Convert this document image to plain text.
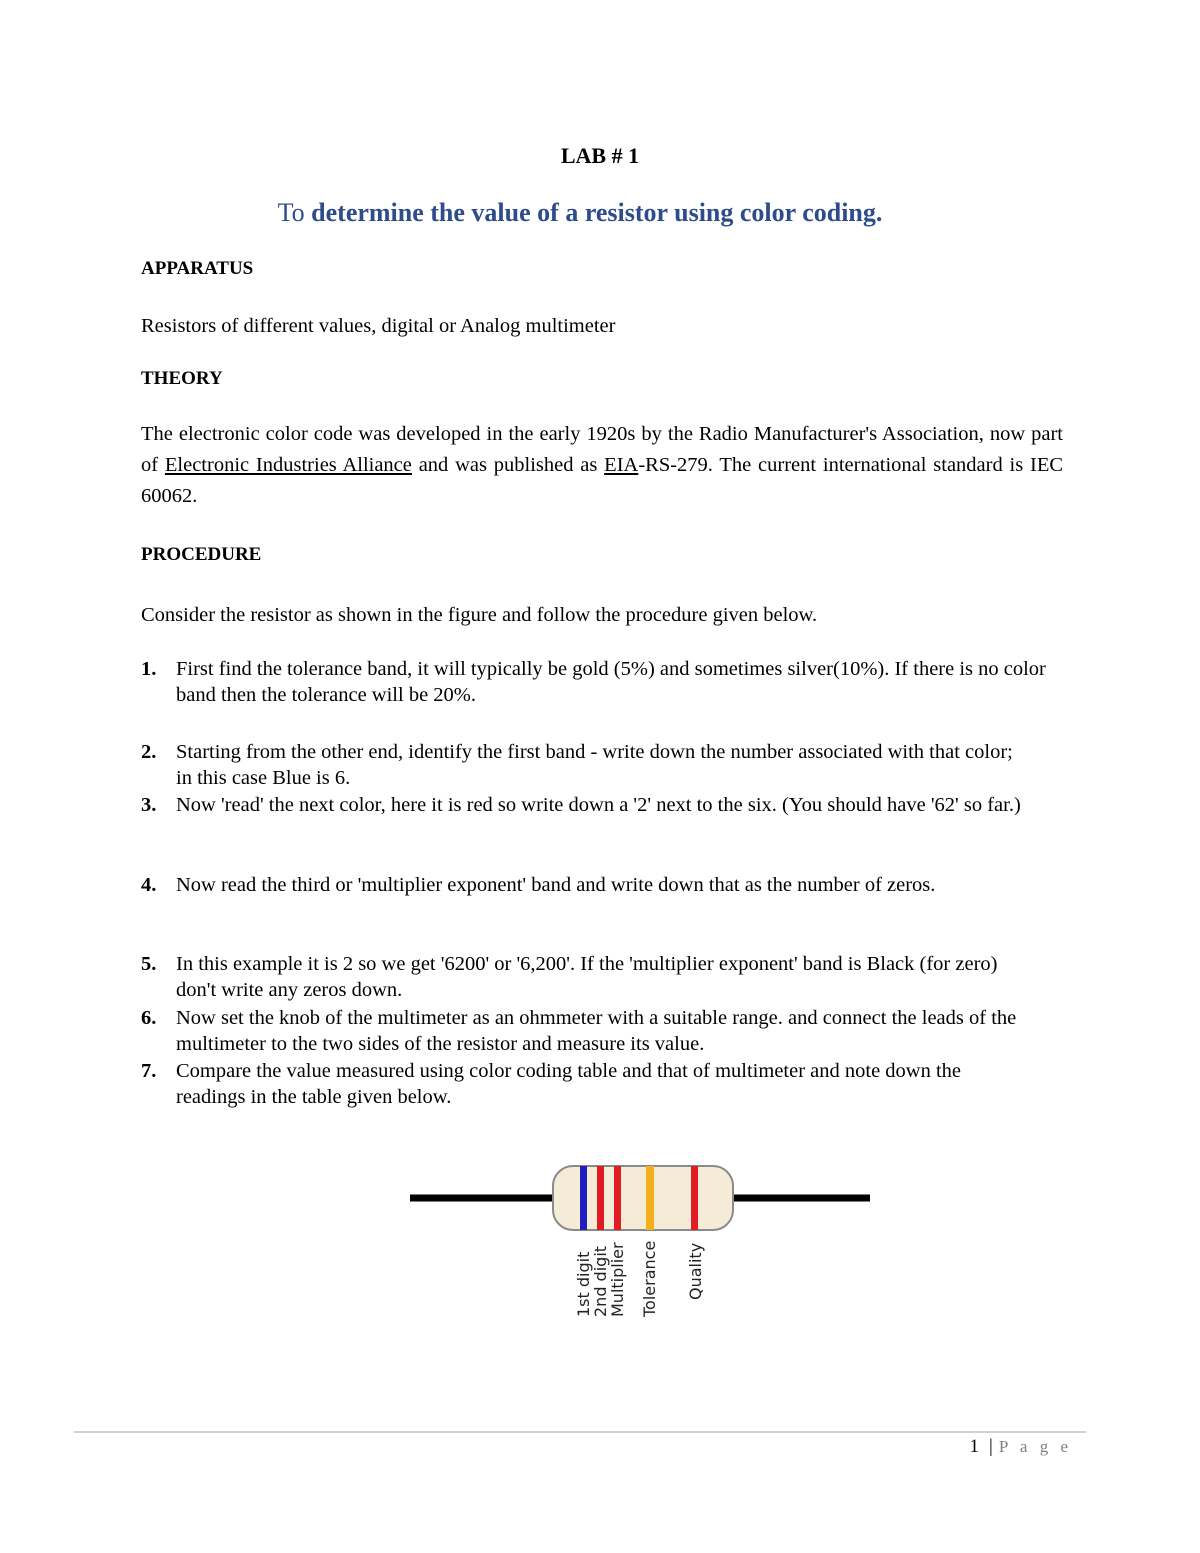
LAB # 1
To determine the value of a resistor using color coding.
APPARATUS
Resistors of different values, digital or Analog multimeter
THEORY
The electronic color code was developed in the early 1920s by the Radio Manufacturer's Association, now part of Electronic Industries Alliance and was published as EIA-RS-279. The current international standard is IEC 60062.
PROCEDURE
Consider the resistor as shown in the figure and follow the procedure given below.
1. First find the tolerance band, it will typically be gold (5%) and sometimes silver(10%). If there is no color band then the tolerance will be 20%.
2. Starting from the other end, identify the first band - write down the number associated with that color; in this case Blue is 6.
3. Now 'read' the next color, here it is red so write down a '2' next to the six. (You should have '62' so far.)
4. Now read the third or 'multiplier exponent' band and write down that as the number of zeros.
5. In this example it is 2 so we get '6200' or '6,200'. If the 'multiplier exponent' band is Black (for zero) don't write any zeros down.
6. Now set the knob of the multimeter as an ohmmeter with a suitable range. and connect the leads of the multimeter to the two sides of the resistor and measure its value.
7. Compare the value measured using color coding table and that of multimeter and note down the readings in the table given below.
1st digit
2nd digit
Multiplier Tolerance Quality
1 | P a g e
